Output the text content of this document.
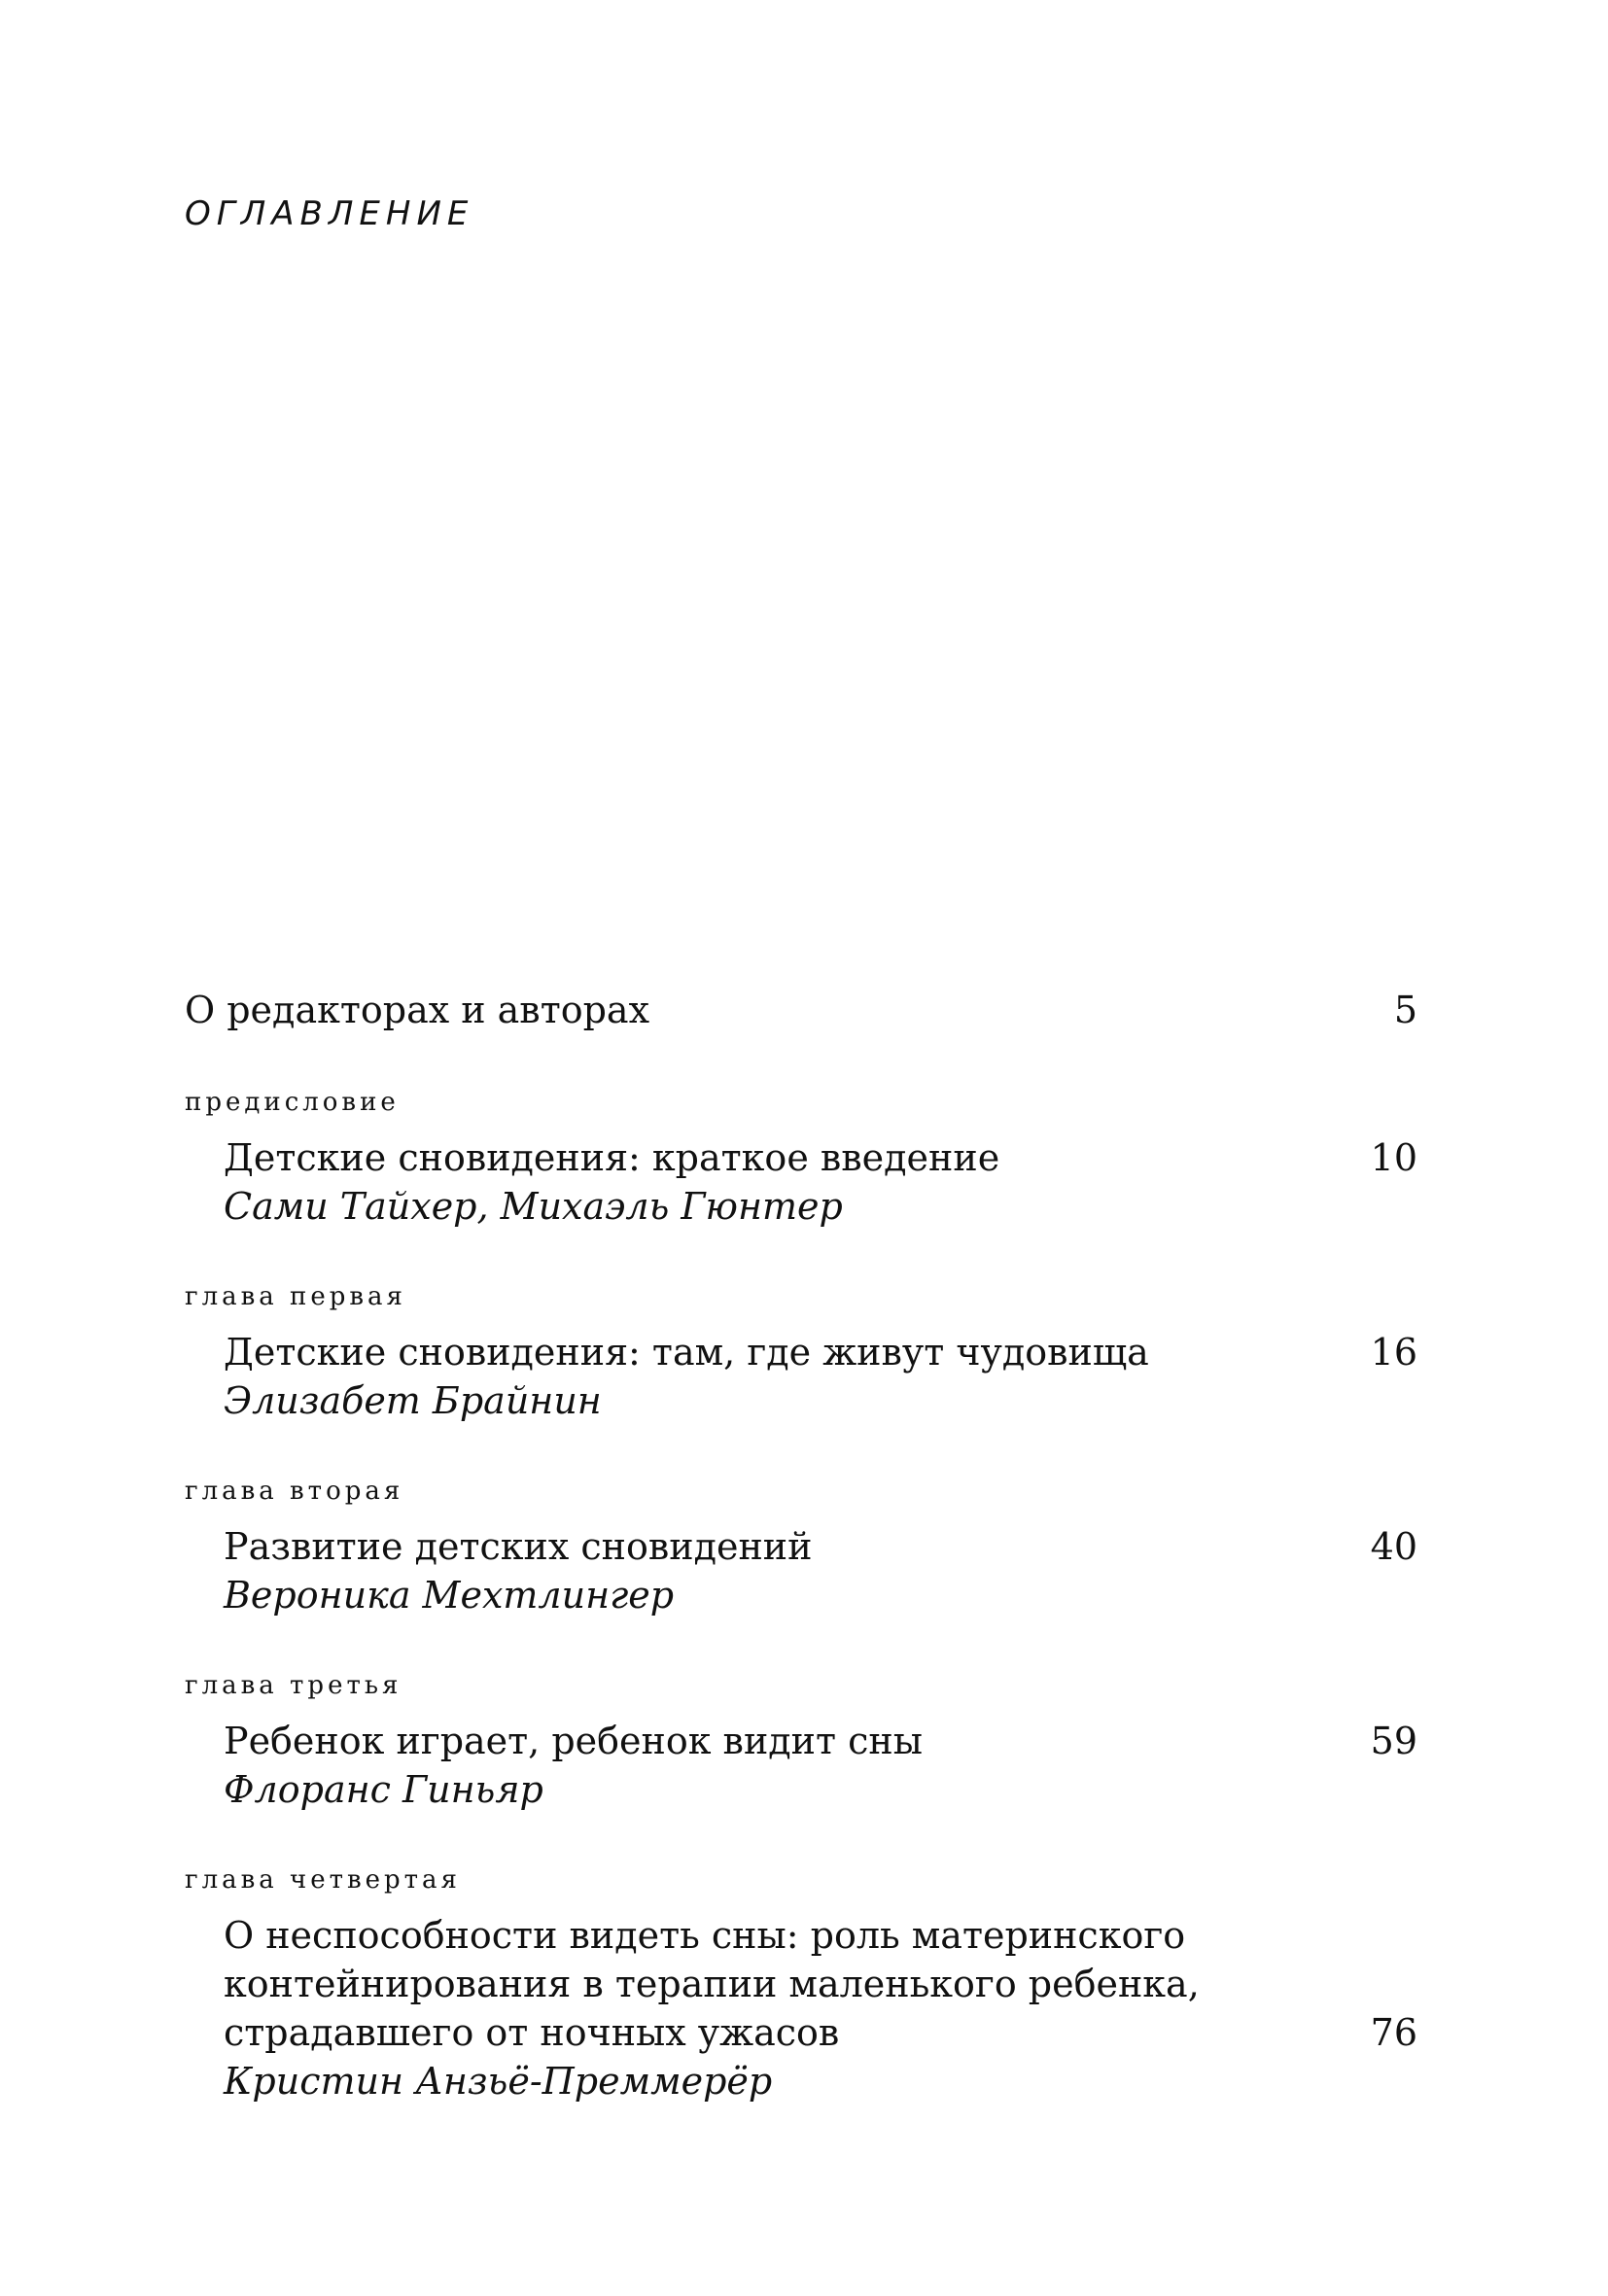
ОГЛАВЛЕНИЕ
О редакторах и авторах	5
предисловие
Детские сновидения: краткое введение	10
Сами Тайхер, Михаэль Гюнтер
глава первая
Детские сновидения: там, где живут чудовища	16
Элизабет Брайнин
глава вторая
Развитие детских сновидений	40
Вероника Мехтлингер
глава третья
Ребенок играет, ребенок видит сны	59
Флоранс Гиньяр
глава четвертая
О неспособности видеть сны: роль материнского
контейнирования в терапии маленького ребенка,
страдавшего от ночных ужасов	76
Кристин Анзьё-Преммерёр
